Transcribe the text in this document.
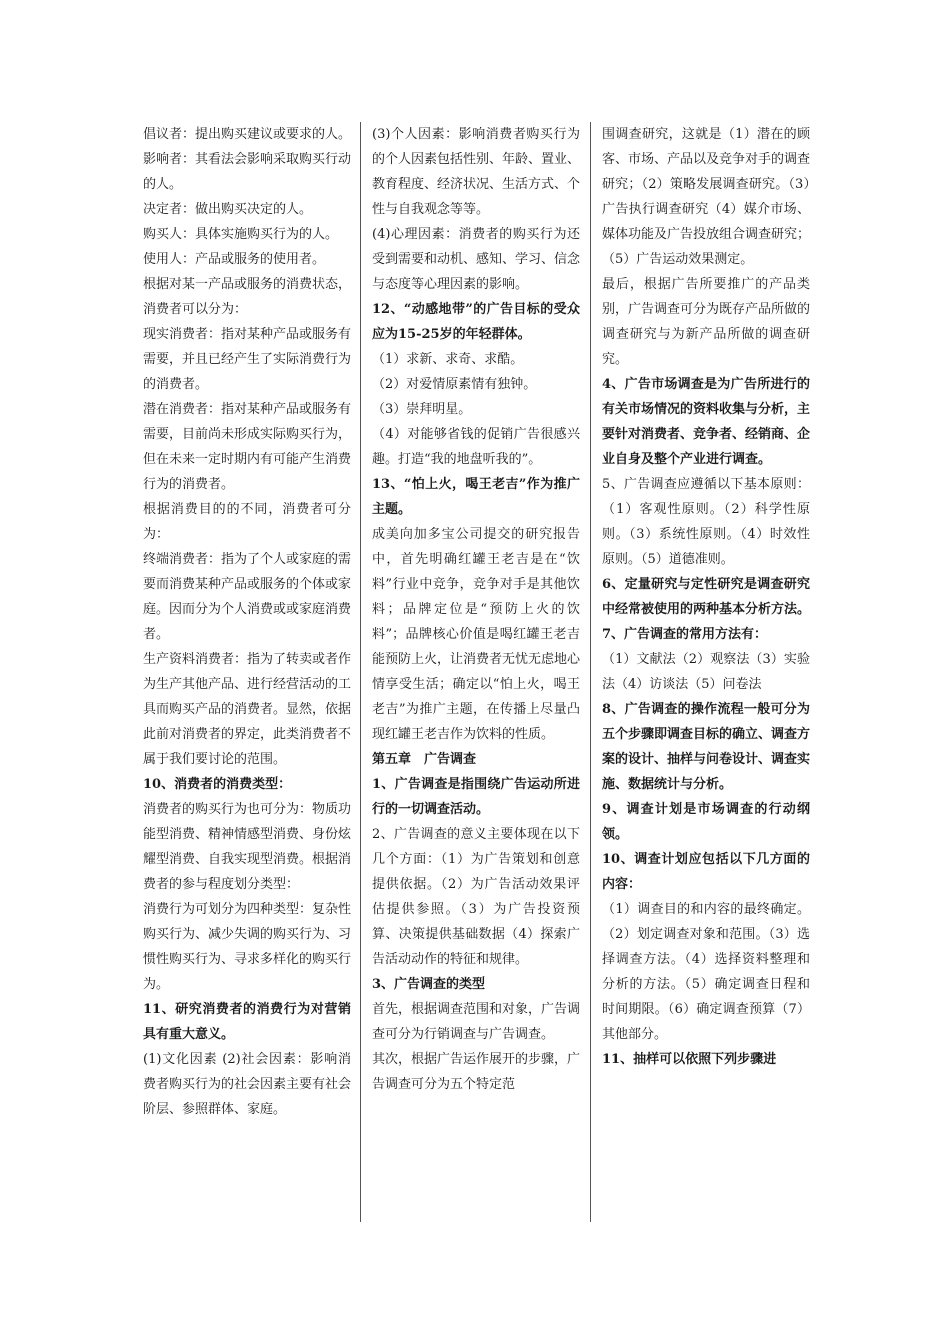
倡议者：提出购买建议或要求的人。

影响者：其看法会影响采取购买行动的人。

决定者：做出购买决定的人。

购买人：具体实施购买行为的人。

使用人：产品或服务的使用者。

根据对某一产品或服务的消费状态，消费者可以分为：

现实消费者：指对某种产品或服务有需要，并且已经产生了实际消费行为的消费者。

潜在消费者：指对某种产品或服务有需要，目前尚未形成实际购买行为，但在未来一定时期内有可能产生消费行为的消费者。

根据消费目的的不同，消费者可分为：

终端消费者：指为了个人或家庭的需要而消费某种产品或服务的个体或家庭。因而分为个人消费或或家庭消费者。

生产资料消费者：指为了转卖或者作为生产其他产品、进行经营活动的工具而购买产品的消费者。显然，依据此前对消费者的界定，此类消费者不属于我们要讨论的范围。

10、消费者的消费类型：

消费者的购买行为也可分为：物质功能型消费、精神情感型消费、身份炫耀型消费、自我实现型消费。根据消费者的参与程度划分类型：

消费行为可划分为四种类型：复杂性购买行为、减少失调的购买行为、习惯性购买行为、寻求多样化的购买行为。

11、研究消费者的消费行为对营销具有重大意义。

(1)文化因素 (2)社会因素：影响消费者购买行为的社会因素主要有社会阶层、参照群体、家庭。

(3)个人因素：影响消费者购买行为的个人因素包括性别、年龄、置业、教育程度、经济状况、生活方式、个性与自我观念等等。

(4)心理因素：消费者的购买行为还受到需要和动机、感知、学习、信念与态度等心理因素的影响。

12、“动感地带”的广告目标的受众应为15-25岁的年轻群体。

（1）求新、求奇、求酷。

（2）对爱情原素情有独钟。

（3）崇拜明星。

（4）对能够省钱的促销广告很感兴趣。打造“我的地盘听我的”。

13、“怕上火，喝王老吉”作为推广主题。

成美向加多宝公司提交的研究报告中，首先明确红罐王老吉是在“饮料”行业中竞争，竞争对手是其他饮料；品牌定位是“预防上火的饮料”；品牌核心价值是喝红罐王老吉能预防上火，让消费者无忧无虑地心情享受生活；确定以“怕上火，喝王老吉”为推广主题，在传播上尽量凸现红罐王老吉作为饮料的性质。

第五章　广告调查

1、广告调查是指围绕广告运动所进行的一切调查活动。

2、广告调查的意义主要体现在以下几个方面：（1）为广告策划和创意提供依据。（2）为广告活动效果评估提供参照。（3）为广告投资预算、决策提供基础数据（4）探索广告活动动作的特征和规律。

3、广告调查的类型

首先，根据调查范围和对象，广告调查可分为行销调查与广告调查。

其次，根据广告运作展开的步骤，广告调查可分为五个特定范

围调查研究，这就是（1）潜在的顾客、市场、产品以及竞争对手的调查研究；（2）策略发展调查研究。（3）广告执行调查研究（4）媒介市场、媒体功能及广告投放组合调查研究；（5）广告运动效果测定。

最后，根据广告所要推广的产品类别，广告调查可分为既存产品所做的调查研究与为新产品所做的调查研究。

4、广告市场调查是为广告所进行的有关市场情况的资料收集与分析，主要针对消费者、竞争者、经销商、企业自身及整个产业进行调查。

5、广告调查应遵循以下基本原则：（1）客观性原则。（2）科学性原则。（3）系统性原则。（4）时效性原则。（5）道德准则。

6、定量研究与定性研究是调查研究中经常被使用的两种基本分析方法。

7、广告调查的常用方法有：

（1）文献法（2）观察法（3）实验法（4）访谈法（5）问卷法

8、广告调查的操作流程一般可分为五个步骤即调查目标的确立、调查方案的设计、抽样与问卷设计、调查实施、数据统计与分析。

9、调查计划是市场调查的行动纲领。

10、调查计划应包括以下几方面的内容：

（1）调查目的和内容的最终确定。（2）划定调查对象和范围。（3）选择调查方法。（4）选择资料整理和分析的方法。（5）确定调查日程和时间期限。（6）确定调查预算（7）其他部分。

11、抽样可以依照下列步骤进
